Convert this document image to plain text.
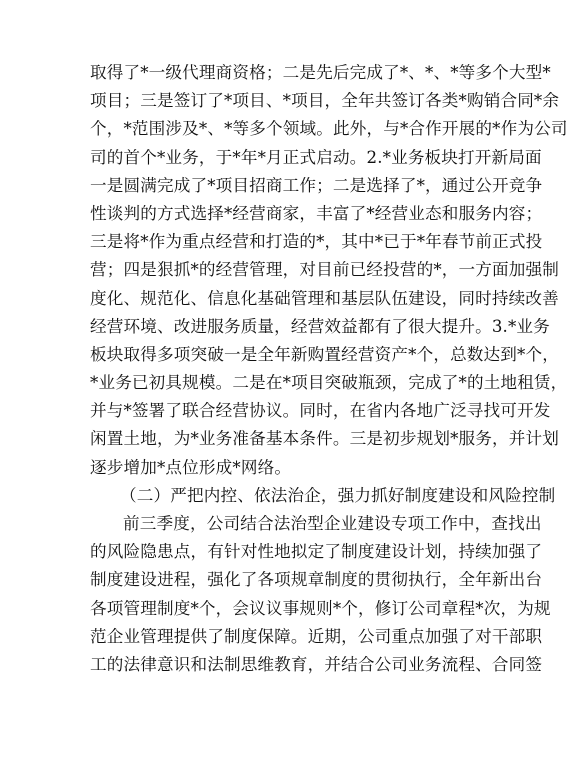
取得了*一级代理商资格；二是先后完成了*、*、*等多个大型*
项目；三是签订了*项目、*项目，全年共签订各类*购销合同*余
个，*范围涉及*、*等多个领域。此外，与*合作开展的*作为公司
司的首个*业务，于*年*月正式启动。2.*业务板块打开新局面
一是圆满完成了*项目招商工作；二是选择了*，通过公开竞争
性谈判的方式选择*经营商家，丰富了*经营业态和服务内容；
三是将*作为重点经营和打造的*，其中*已于*年春节前正式投
营；四是狠抓*的经营管理，对目前已经投营的*，一方面加强制
度化、规范化、信息化基础管理和基层队伍建设，同时持续改善
经营环境、改进服务质量，经营效益都有了很大提升。3.*业务
板块取得多项突破一是全年新购置经营资产*个，总数达到*个，
*业务已初具规模。二是在*项目突破瓶颈，完成了*的土地租赁，
并与*签署了联合经营协议。同时，在省内各地广泛寻找可开发
闲置土地，为*业务准备基本条件。三是初步规划*服务，并计划
逐步增加*点位形成*网络。
（二）严把内控、依法治企，强力抓好制度建设和风险控制
前三季度，公司结合法治型企业建设专项工作中，查找出
的风险隐患点，有针对性地拟定了制度建设计划，持续加强了
制度建设进程，强化了各项规章制度的贯彻执行，全年新出台
各项管理制度*个，会议议事规则*个，修订公司章程*次，为规
范企业管理提供了制度保障。近期，公司重点加强了对干部职
工的法律意识和法制思维教育，并结合公司业务流程、合同签
